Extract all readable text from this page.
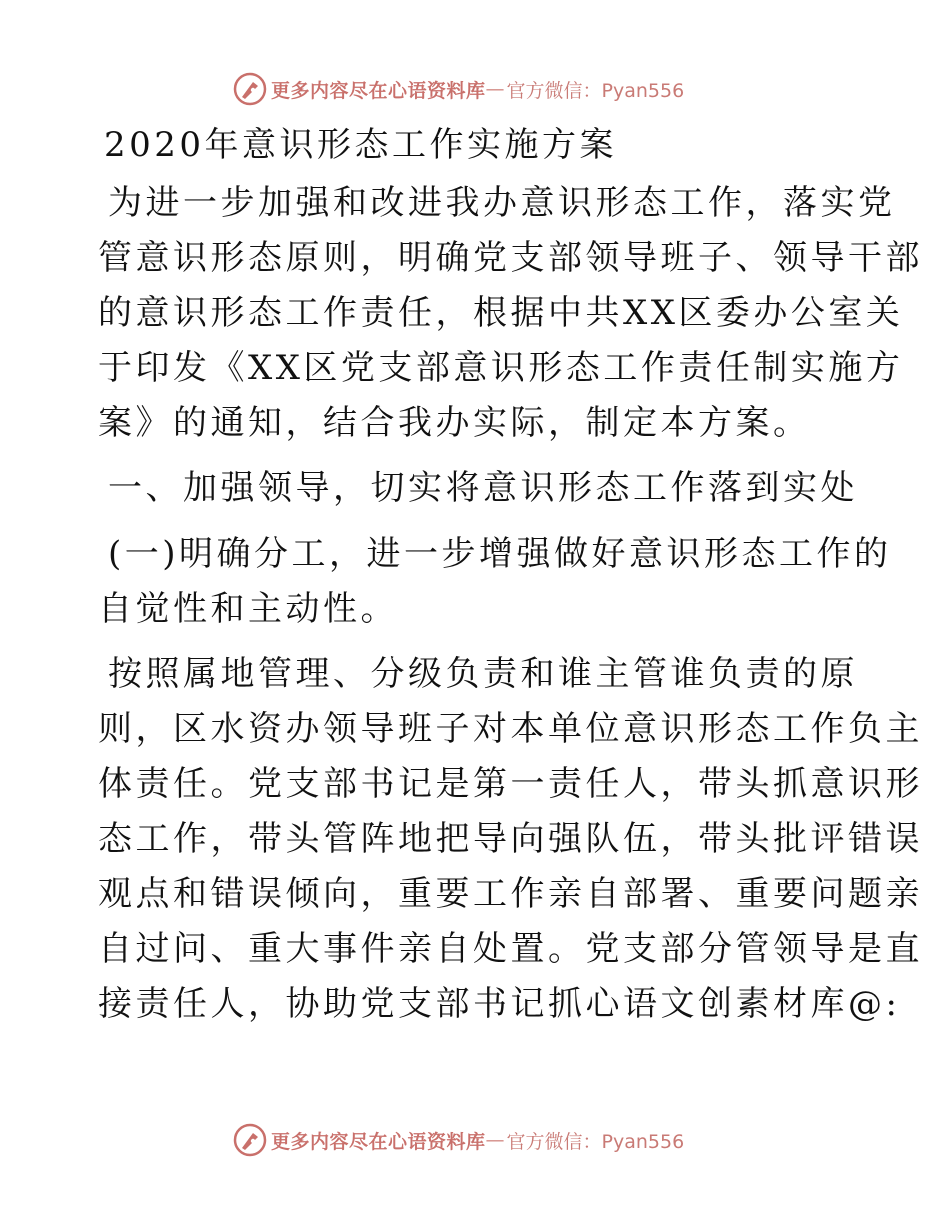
更多内容尽在心语资料库 — 官方微信：Pyan556
2020年意识形态工作实施方案
为进一步加强和改进我办意识形态工作，落实党
管意识形态原则，明确党支部领导班子、领导干部
的意识形态工作责任，根据中共XX区委办公室关
于印发《XX区党支部意识形态工作责任制实施方
案》的通知，结合我办实际，制定本方案。
一、加强领导，切实将意识形态工作落到实处
(一)明确分工，进一步增强做好意识形态工作的
自觉性和主动性。
按照属地管理、分级负责和谁主管谁负责的原
则，区水资办领导班子对本单位意识形态工作负主
体责任。党支部书记是第一责任人，带头抓意识形
态工作，带头管阵地把导向强队伍，带头批评错误
观点和错误倾向，重要工作亲自部署、重要问题亲
自过问、重大事件亲自处置。党支部分管领导是直
接责任人，协助党支部书记抓心语文创素材库@:
更多内容尽在心语资料库 — 官方微信：Pyan556
